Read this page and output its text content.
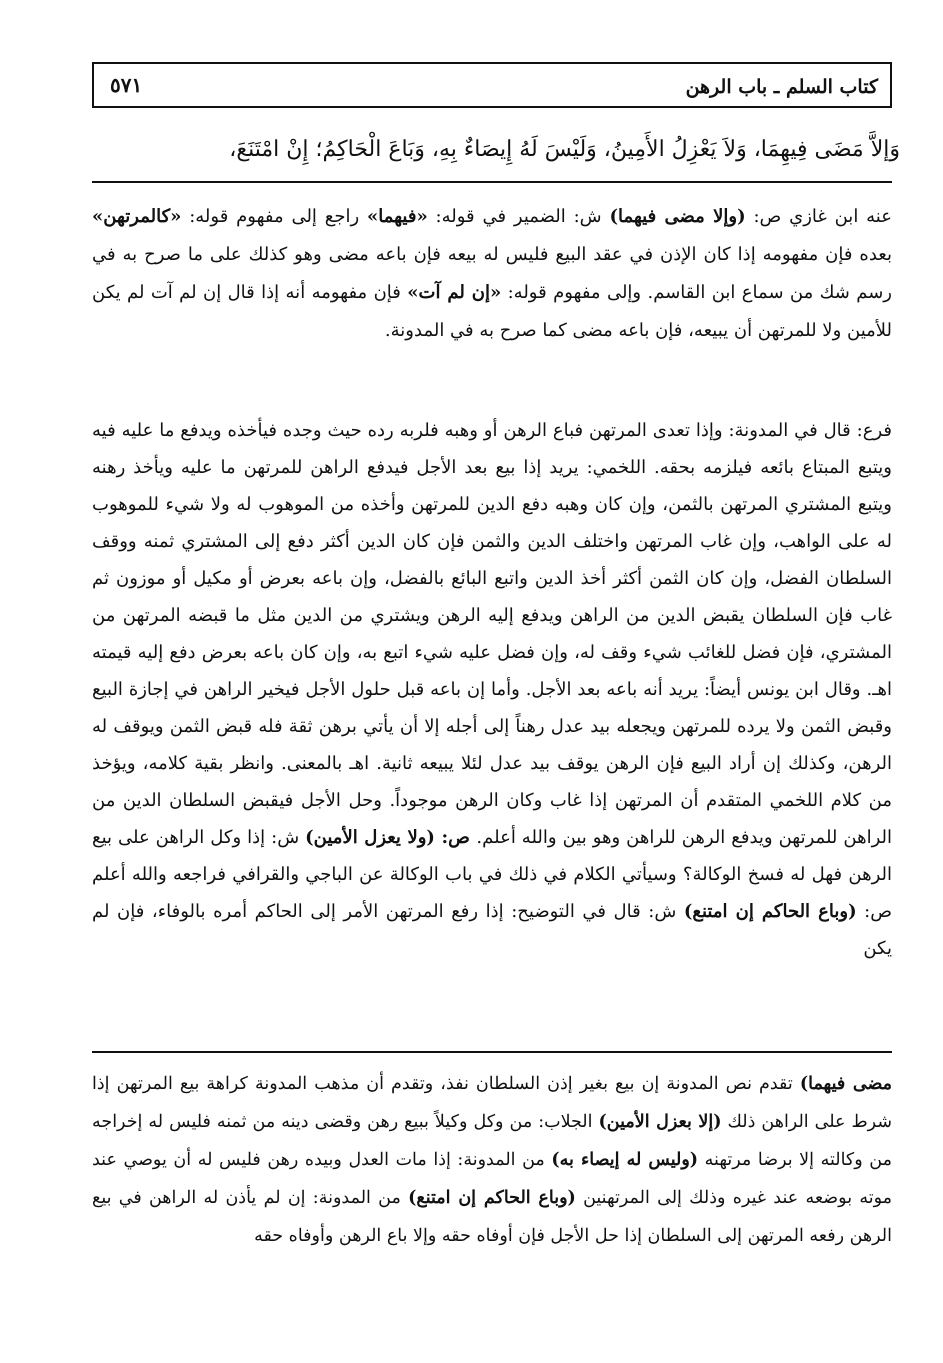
كتاب السلم ـ باب الرهن
٥٧١
وَإلاَّ مَضَى فِيهِمَا، وَلاَ يَعْزِلُ الأَمِينُ، وَلَيْسَ لَهُ إِيصَاءٌ بِهِ، وَبَاعَ الْحَاكِمُ؛ إِنْ امْتَنَعَ،

عنه ابن غازي ص: (وإلا مضى فيهما) ش: الضمير في قوله: «فيهما» راجع إلى مفهوم قوله: «كالمرتهن» بعده فإن مفهومه إذا كان الإذن في عقد البيع فليس له بيعه فإن باعه مضى وهو كذلك على ما صرح به في رسم شك من سماع ابن القاسم. وإلى مفهوم قوله: «إن لم آت» فإن مفهومه أنه إذا قال إن لم آت لم يكن للأمين ولا للمرتهن أن يبيعه، فإن باعه مضى كما صرح به في المدونة.

فرع: قال في المدونة: وإذا تعدى المرتهن فباع الرهن أو وهبه فلربه رده حيث وجده فيأخذه ويدفع ما عليه فيه ويتبع المبتاع بائعه فيلزمه بحقه. اللخمي: يريد إذا بيع بعد الأجل فيدفع الراهن للمرتهن ما عليه ويأخذ رهنه ويتبع المشتري المرتهن بالثمن، وإن كان وهبه دفع الدين للمرتهن وأخذه من الموهوب له ولا شيء للموهوب له على الواهب، وإن غاب المرتهن واختلف الدين والثمن فإن كان الدين أكثر دفع إلى المشتري ثمنه ووقف السلطان الفضل، وإن كان الثمن أكثر أخذ الدين واتبع البائع بالفضل، وإن باعه بعرض أو مكيل أو موزون ثم غاب فإن السلطان يقبض الدين من الراهن ويدفع إليه الرهن ويشتري من الدين مثل ما قبضه المرتهن من المشتري، فإن فضل للغائب شيء وقف له، وإن فضل عليه شيء اتبع به، وإن كان باعه بعرض دفع إليه قيمته اهـ. وقال ابن يونس أيضاً: يريد أنه باعه بعد الأجل. وأما إن باعه قبل حلول الأجل فيخير الراهن في إجازة البيع وقبض الثمن ولا يرده للمرتهن ويجعله بيد عدل رهناً إلى أجله إلا أن يأتي برهن ثقة فله قبض الثمن ويوقف له الرهن، وكذلك إن أراد البيع فإن الرهن يوقف بيد عدل لئلا يبيعه ثانية. اهـ بالمعنى. وانظر بقية كلامه، ويؤخذ من كلام اللخمي المتقدم أن المرتهن إذا غاب وكان الرهن موجوداً. وحل الأجل فيقبض السلطان الدين من الراهن للمرتهن ويدفع الرهن للراهن وهو بين والله أعلم. ص: (ولا يعزل الأمين) ش: إذا وكل الراهن على بيع الرهن فهل له فسخ الوكالة؟ وسيأتي الكلام في ذلك في باب الوكالة عن الباجي والقرافي فراجعه والله أعلم ص: (وباع الحاكم إن امتنع) ش: قال في التوضيح: إذا رفع المرتهن الأمر إلى الحاكم أمره بالوفاء، فإن لم يكن

مضى فيهما) تقدم نص المدونة إن بيع بغير إذن السلطان نفذ، وتقدم أن مذهب المدونة كراهة بيع المرتهن إذا شرط على الراهن ذلك (إلا بعزل الأمين) الجلاب: من وكل وكيلاً ببيع رهن وقضى دينه من ثمنه فليس له إخراجه من وكالته إلا برضا مرتهنه (وليس له إيصاء به) من المدونة: إذا مات العدل وبيده رهن فليس له أن يوصي عند موته بوضعه عند غيره وذلك إلى المرتهنين (وباع الحاكم إن امتنع) من المدونة: إن لم يأذن له الراهن في بيع الرهن رفعه المرتهن إلى السلطان إذا حل الأجل فإن أوفاه حقه وإلا باع الرهن وأوفاه حقه
